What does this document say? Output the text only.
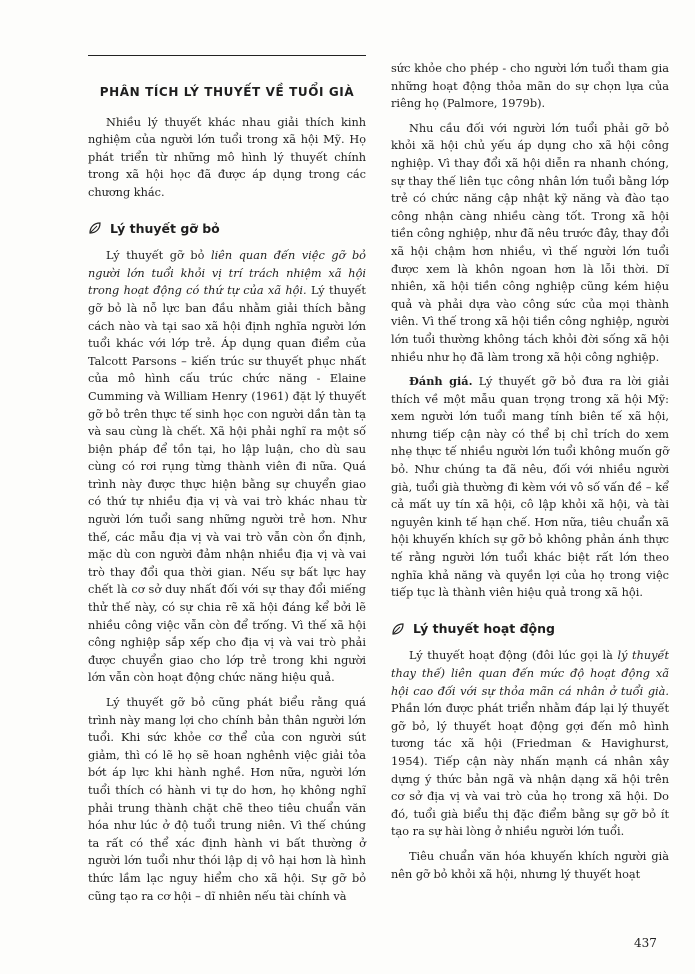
PHÂN TÍCH LÝ THUYẾT VỀ TUỔI GIÀ

Nhiều lý thuyết khác nhau giải thích kinh nghiệm của người lớn tuổi trong xã hội Mỹ. Họ phát triển từ những mô hình lý thuyết chính trong xã hội học đã được áp dụng trong các chương khác.

Lý thuyết gỡ bỏ

Lý thuyết gỡ bỏ liên quan đến việc gỡ bỏ người lớn tuổi khỏi vị trí trách nhiệm xã hội trong hoạt động có thứ tự của xã hội. Lý thuyết gỡ bỏ là nỗ lực ban đầu nhằm giải thích bằng cách nào và tại sao xã hội định nghĩa người lớn tuổi khác với lớp trẻ. Áp dụng quan điểm của Talcott Parsons – kiến trúc sư thuyết phục nhất của mô hình cấu trúc chức năng - Elaine Cumming và William Henry (1961) đặt lý thuyết gỡ bỏ trên thực tế sinh học con người dần tàn tạ và sau cùng là chết. Xã hội phải nghĩ ra một số biện pháp để tồn tại, ho lập luận, cho dù sau cùng có rơi rụng từng thành viên đi nữa. Quá trình này được thực hiện bằng sự chuyển giao có thứ tự nhiều địa vị và vai trò khác nhau từ người lớn tuổi sang những người trẻ hơn. Như thế, các mẫu địa vị và vai trò vẫn còn ổn định, mặc dù con người đảm nhận nhiều địa vị và vai trò thay đổi qua thời gian. Nếu sự bất lực hay chết là cơ sở duy nhất đối với sự thay đổi miếng thử thế này, có sự chia rẽ xã hội đáng kể bởi lẽ nhiều công việc vẫn còn để trống. Vì thế xã hội công nghiệp sắp xếp cho địa vị và vai trò phải được chuyển giao cho lớp trẻ trong khi người lớn vẫn còn hoạt động chức năng hiệu quả.

Lý thuyết gỡ bỏ cũng phát biểu rằng quá trình này mang lợi cho chính bản thân người lớn tuổi. Khi sức khỏe cơ thể của con người sút giảm, thì có lẽ họ sẽ hoan nghênh việc giải tỏa bớt áp lực khi hành nghề. Hơn nữa, người lớn tuổi thích có hành vi tự do hơn, họ không nghĩ phải trung thành chặt chẽ theo tiêu chuẩn văn hóa như lúc ở độ tuổi trung niên. Vì thế chúng ta rất có thể xác định hành vi bất thường ở người lớn tuổi như thói lập dị vô hại hơn là hình thức lầm lạc nguy hiểm cho xã hội. Sự gỡ bỏ cũng tạo ra cơ hội – dĩ nhiên nếu tài chính và

sức khỏe cho phép - cho người lớn tuổi tham gia những hoạt động thỏa mãn do sự chọn lựa của riêng họ (Palmore, 1979b).

Nhu cầu đối với người lớn tuổi phải gỡ bỏ khỏi xã hội chủ yếu áp dụng cho xã hội công nghiệp. Vì thay đổi xã hội diễn ra nhanh chóng, sự thay thế liên tục công nhân lớn tuổi bằng lớp trẻ có chức năng cập nhật kỹ năng và đào tạo công nhận càng nhiều càng tốt. Trong xã hội tiền công nghiệp, như đã nêu trước đây, thay đổi xã hội chậm hơn nhiều, vì thế người lớn tuổi được xem là khôn ngoan hơn là lỗi thời. Dĩ nhiên, xã hội tiền công nghiệp cũng kém hiệu quả và phải dựa vào công sức của mọi thành viên. Vì thế trong xã hội tiền công nghiệp, người lớn tuổi thường không tách khỏi đời sống xã hội nhiều như họ đã làm trong xã hội công nghiệp.

Đánh giá. Lý thuyết gỡ bỏ đưa ra lời giải thích về một mẫu quan trọng trong xã hội Mỹ: xem người lớn tuổi mang tính biên tế xã hội, nhưng tiếp cận này có thể bị chỉ trích do xem nhẹ thực tế nhiều người lớn tuổi không muốn gỡ bỏ. Như chúng ta đã nêu, đối với nhiều người già, tuổi già thường đi kèm với vô số vấn đề – kể cả mất uy tín xã hội, cô lập khỏi xã hội, và tài nguyên kinh tế hạn chế. Hơn nữa, tiêu chuẩn xã hội khuyến khích sự gỡ bỏ không phản ánh thực tế rằng người lớn tuổi khác biệt rất lớn theo nghĩa khả năng và quyền lợi của họ trong việc tiếp tục là thành viên hiệu quả trong xã hội.

Lý thuyết hoạt động

Lý thuyết hoạt động (đôi lúc gọi là lý thuyết thay thế) liên quan đến mức độ hoạt động xã hội cao đối với sự thỏa mãn cá nhân ở tuổi già. Phần lớn được phát triển nhằm đáp lại lý thuyết gỡ bỏ, lý thuyết hoạt động gợi đến mô hình tương tác xã hội (Friedman & Havighurst, 1954). Tiếp cận này nhấn mạnh cá nhân xây dựng ý thức bản ngã và nhận dạng xã hội trên cơ sở địa vị và vai trò của họ trong xã hội. Do đó, tuổi già biểu thị đặc điểm bằng sự gỡ bỏ ít tạo ra sự hài lòng ở nhiều người lớn tuổi.

Tiêu chuẩn văn hóa khuyến khích người già nên gỡ bỏ khỏi xã hội, nhưng lý thuyết hoạt

437
